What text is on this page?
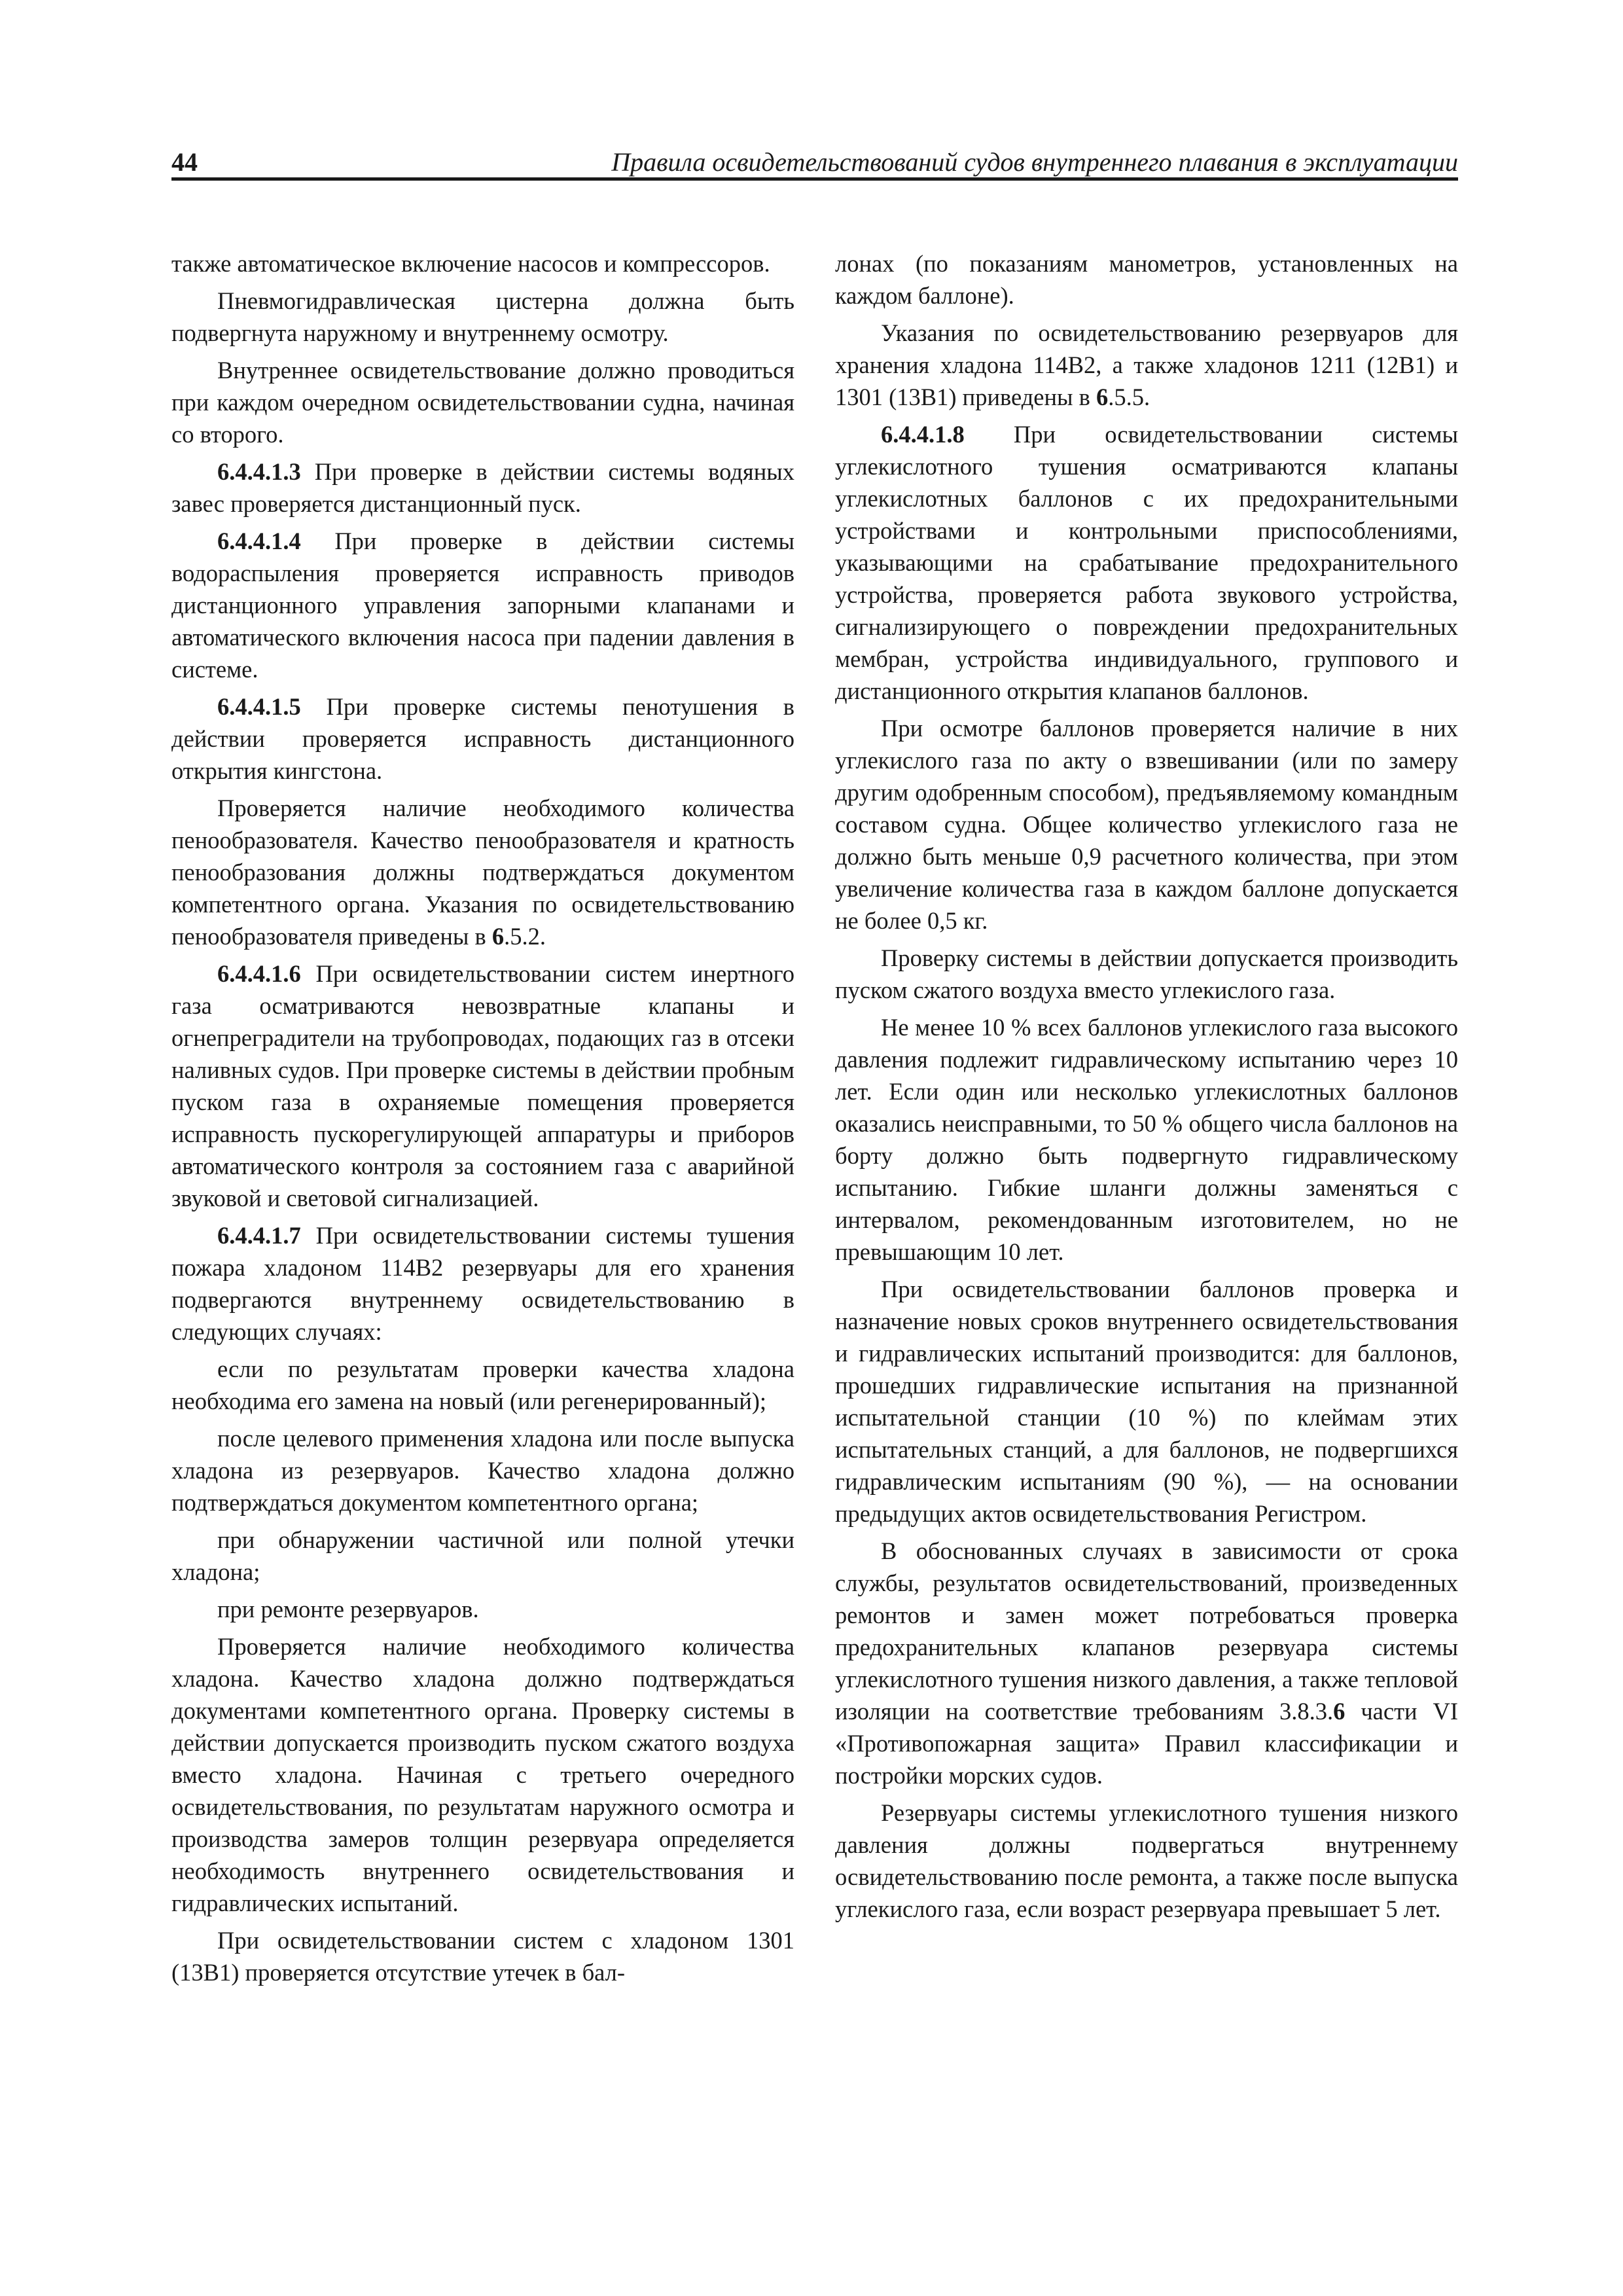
44	Правила освидетельствований судов внутреннего плавания в эксплуатации

также автоматическое включение насосов и компрессоров.

Пневмогидравлическая цистерна должна быть подвергнута наружному и внутреннему осмотру.

Внутреннее освидетельствование должно проводиться при каждом очередном освидетельствовании судна, начиная со второго.

6.4.4.1.3 При проверке в действии системы водяных завес проверяется дистанционный пуск.

6.4.4.1.4 При проверке в действии системы водораспыления проверяется исправность приводов дистанционного управления запорными клапанами и автоматического включения насоса при падении давления в системе.

6.4.4.1.5 При проверке системы пенотушения в действии проверяется исправность дистанционного открытия кингстона.

Проверяется наличие необходимого количества пенообразователя. Качество пенообразователя и кратность пенообразования должны подтверждаться документом компетентного органа. Указания по освидетельствованию пенообразователя приведены в 6.5.2.

6.4.4.1.6 При освидетельствовании систем инертного газа осматриваются невозвратные клапаны и огнепреградители на трубопроводах, подающих газ в отсеки наливных судов. При проверке системы в действии пробным пуском газа в охраняемые помещения проверяется исправность пускорегулирующей аппаратуры и приборов автоматического контроля за состоянием газа с аварийной звуковой и световой сигнализацией.

6.4.4.1.7 При освидетельствовании системы тушения пожара хладоном 114В2 резервуары для его хранения подвергаются внутреннему освидетельствованию в следующих случаях:

если по результатам проверки качества хладона необходима его замена на новый (или регенерированный);

после целевого применения хладона или после выпуска хладона из резервуаров. Качество хладона должно подтверждаться документом компетентного органа;

при обнаружении частичной или полной утечки хладона;

при ремонте резервуаров.

Проверяется наличие необходимого количества хладона. Качество хладона должно подтверждаться документами компетентного органа. Проверку системы в действии допускается производить пуском сжатого воздуха вместо хладона. Начиная с третьего очередного освидетельствования, по результатам наружного осмотра и производства замеров толщин резервуара определяется необходимость внутреннего освидетельствования и гидравлических испытаний.

При освидетельствовании систем с хладоном 1301 (13В1) проверяется отсутствие утечек в бал-

лонах (по показаниям манометров, установленных на каждом баллоне).

Указания по освидетельствованию резервуаров для хранения хладона 114В2, а также хладонов 1211 (12В1) и 1301 (13В1) приведены в 6.5.5.

6.4.4.1.8 При освидетельствовании системы углекислотного тушения осматриваются клапаны углекислотных баллонов с их предохранительными устройствами и контрольными приспособлениями, указывающими на срабатывание предохранительного устройства, проверяется работа звукового устройства, сигнализирующего о повреждении предохранительных мембран, устройства индивидуального, группового и дистанционного открытия клапанов баллонов.

При осмотре баллонов проверяется наличие в них углекислого газа по акту о взвешивании (или по замеру другим одобренным способом), предъявляемому командным составом судна. Общее количество углекислого газа не должно быть меньше 0,9 расчетного количества, при этом увеличение количества газа в каждом баллоне допускается не более 0,5 кг.

Проверку системы в действии допускается производить пуском сжатого воздуха вместо углекислого газа.

Не менее 10 % всех баллонов углекислого газа высокого давления подлежит гидравлическому испытанию через 10 лет. Если один или несколько углекислотных баллонов оказались неисправными, то 50 % общего числа баллонов на борту должно быть подвергнуто гидравлическому испытанию. Гибкие шланги должны заменяться с интервалом, рекомендованным изготовителем, но не превышающим 10 лет.

При освидетельствовании баллонов проверка и назначение новых сроков внутреннего освидетельствования и гидравлических испытаний производится: для баллонов, прошедших гидравлические испытания на признанной испытательной станции (10 %) по клеймам этих испытательных станций, а для баллонов, не подвергшихся гидравлическим испытаниям (90 %), — на основании предыдущих актов освидетельствования Регистром.

В обоснованных случаях в зависимости от срока службы, результатов освидетельствований, произведенных ремонтов и замен может потребоваться проверка предохранительных клапанов резервуара системы углекислотного тушения низкого давления, а также тепловой изоляции на соответствие требованиям 3.8.3.6 части VI «Противопожарная защита» Правил классификации и постройки морских судов.

Резервуары системы углекислотного тушения низкого давления должны подвергаться внутреннему освидетельствованию после ремонта, а также после выпуска углекислого газа, если возраст резервуара превышает 5 лет.
